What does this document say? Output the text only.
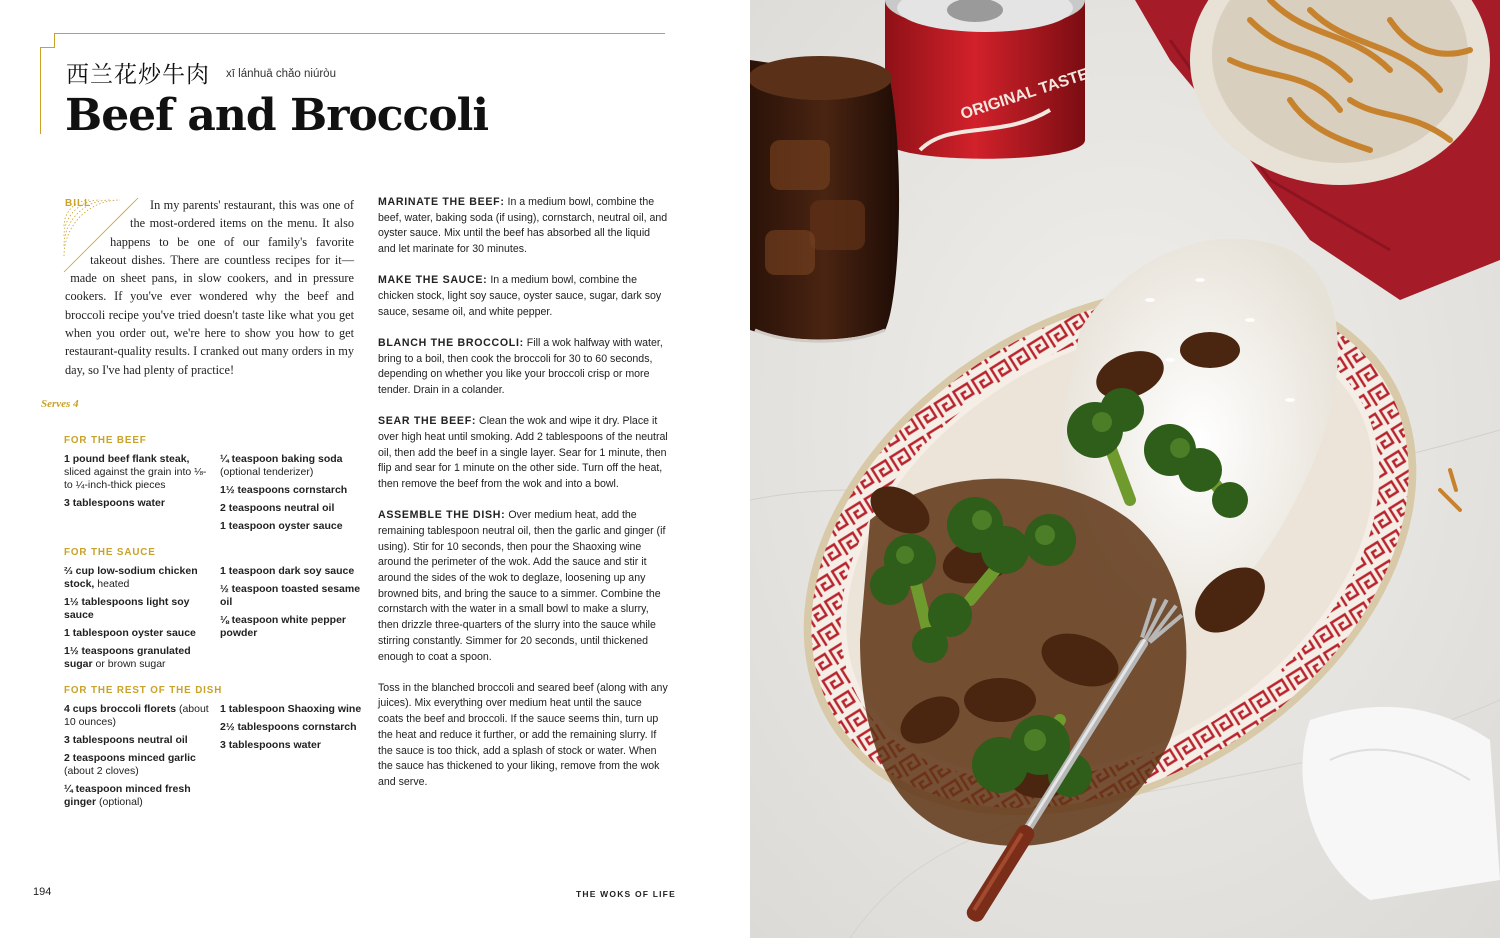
西兰花炒牛肉 xī lánhuā chǎo niúròu
Beef and Broccoli
BILL	In my parents' restaurant, this was one of the most-ordered items on the menu. It also happens to be one of our family's favorite takeout dishes. There are countless recipes for it—made on sheet pans, in slow cookers, and in pressure cookers. If you've ever wondered why the beef and broccoli recipe you've tried doesn't taste like what you get when you order out, we're here to show you how to get restaurant-quality results. I cranked out many orders in my day, so I've had plenty of practice!
Serves 4
FOR THE BEEF
1 pound beef flank steak, sliced against the grain into ⅛- to ¼-inch-thick pieces
3 tablespoons water
¼ teaspoon baking soda (optional tenderizer)
1½ teaspoons cornstarch
2 teaspoons neutral oil
1 teaspoon oyster sauce
FOR THE SAUCE
⅔ cup low-sodium chicken stock, heated
1½ tablespoons light soy sauce
1 tablespoon oyster sauce
1½ teaspoons granulated sugar or brown sugar
1 teaspoon dark soy sauce
½ teaspoon toasted sesame oil
⅛ teaspoon white pepper powder
FOR THE REST OF THE DISH
4 cups broccoli florets (about 10 ounces)
3 tablespoons neutral oil
2 teaspoons minced garlic (about 2 cloves)
¼ teaspoon minced fresh ginger (optional)
1 tablespoon Shaoxing wine
2½ tablespoons cornstarch
3 tablespoons water

MARINATE THE BEEF: In a medium bowl, combine the beef, water, baking soda (if using), cornstarch, neutral oil, and oyster sauce. Mix until the beef has absorbed all the liquid and let marinate for 30 minutes.

MAKE THE SAUCE: In a medium bowl, combine the chicken stock, light soy sauce, oyster sauce, sugar, dark soy sauce, sesame oil, and white pepper.

BLANCH THE BROCCOLI: Fill a wok halfway with water, bring to a boil, then cook the broccoli for 30 to 60 seconds, depending on whether you like your broccoli crisp or more tender. Drain in a colander.

SEAR THE BEEF: Clean the wok and wipe it dry. Place it over high heat until smoking. Add 2 tablespoons of the neutral oil, then add the beef in a single layer. Sear for 1 minute, then flip and sear for 1 minute on the other side. Turn off the heat, then remove the beef from the wok and into a bowl.

ASSEMBLE THE DISH: Over medium heat, add the remaining tablespoon neutral oil, then the garlic and ginger (if using). Stir for 10 seconds, then pour the Shaoxing wine around the perimeter of the wok. Add the sauce and stir it around the sides of the wok to deglaze, loosening up any browned bits, and bring the sauce to a simmer. Combine the cornstarch with the water in a small bowl to make a slurry, then drizzle three-quarters of the slurry into the sauce while stirring constantly. Simmer for 20 seconds, until thickened enough to coat a spoon.

Toss in the blanched broccoli and seared beef (along with any juices). Mix everything over medium heat until the sauce coats the beef and broccoli. If the sauce seems thin, turn up the heat and reduce it further, or add the remaining slurry. If the sauce is too thick, add a splash of stock or water. When the sauce has thickened to your liking, remove from the wok and serve.

194	THE WOKS OF LIFE
ORIGINAL TASTE
